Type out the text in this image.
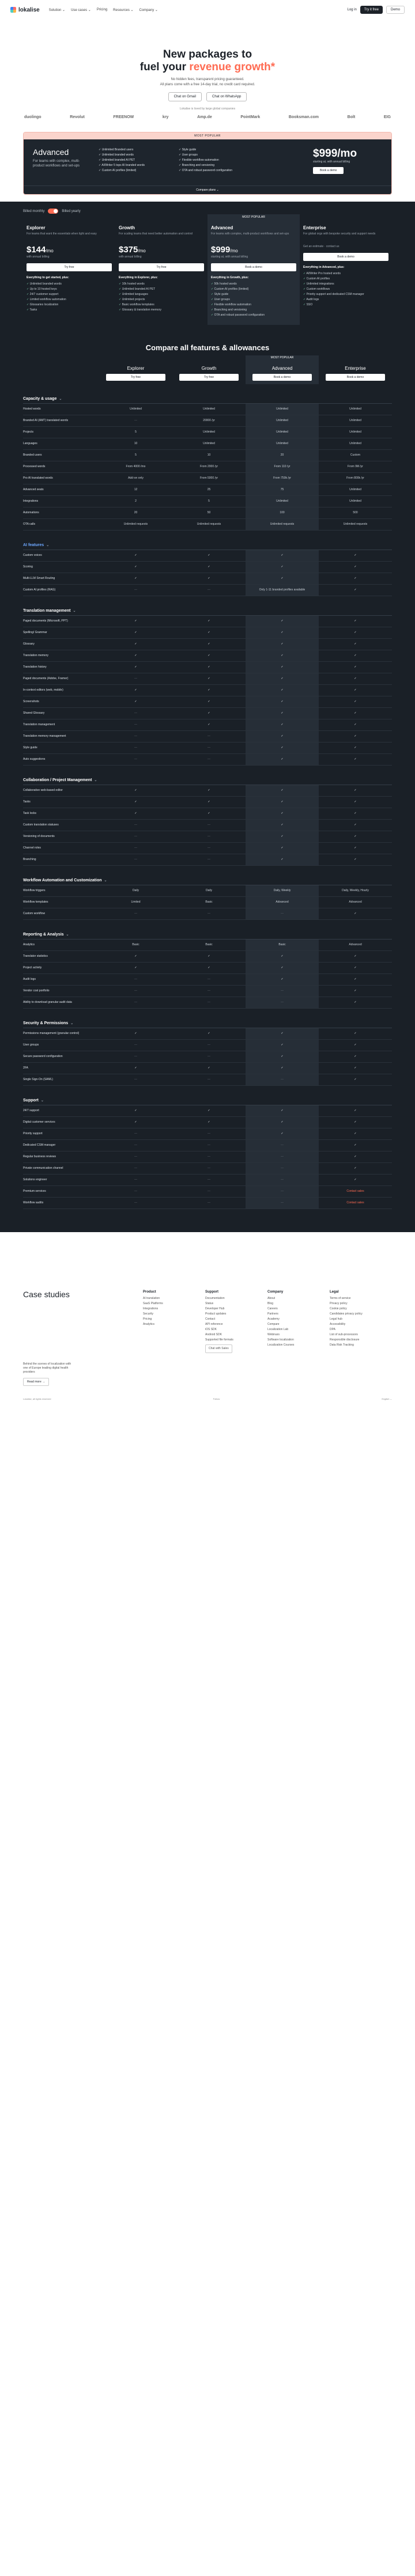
lokalise	Solution ⌄ Use cases ⌄ Pricing Resources ⌄ Company ⌄	Log in	Try it free	Demo
New packages to
fuel your revenue growth*

No hidden fees, transparent pricing guaranteed.
All plans come with a free 14-day trial, no credit card required.

Chat on Gmail	Chat on WhatsApp
Lokalise is loved by large global companies
duolingo	Revolut	FREENOW	kry	Amp.de	PointMark	Booksman.com	Bolt	EIG
MOST POPULAR
Advanced

For teams with complex, multi-product workflows and set-ups

✓ Unlimited Branded users
✓ Unlimited branded words
✓ Unlimited branded AI PET
✓ AI/Writer 5 tops AI branded words
✓ Custom AI profiles (limited)
✓ Style guide
✓ User groups
✓ Flexible workflow automation
✓ Branching and versioning
✓ OTA and robust password configuration
$999/mo
starting at, with annual billing
Book a demo
Compare plans ⌄
Billed monthly	Billed yearly
Explorer
For teams that want the essentials when light and easy
$144/mo
with annual billing
Try free
Everything to get started, plus:
✓ Unlimited branded words
✓ Up to 10 hosted keys
✓ 24/7 customer support
✓ Limited workflow automation
✓ Glossaries localization
✓ Tasks
Growth
For scaling teams that need better automation and control
$375/mo
with annual billing
Try free
Everything in Explorer, plus:
✓ 10k hosted words
✓ Unlimited branded AI PET
✓ Unlimited languages
✓ Unlimited projects
✓ Basic workflow templates
✓ Glossary & translation memory
MOST POPULAR
Advanced
For teams with complex, multi-product workflows and set-ups
$999/mo
starting at, with annual billing
Book a demo
Everything in Growth, plus:
✓ 50k hosted words
✓ Custom AI profiles (limited)
✓ Style guide
✓ User groups
✓ Flexible workflow automation
✓ Branching and versioning
✓ OTA and robust password configuration
Enterprise
For global orgs with bespoke security and support needs
Get an estimate · contact us
Book a demo
Everything in Advanced, plus:
✓ AI/Writer Pro hosted words
✓ Custom AI profiles
✓ Unlimited integrations
✓ Custom workflows
✓ Priority support and dedicated CSM manager
✓ Audit logs
✓ SSO
Compare all features & allowances
Explorer
Try free
Growth
Try free
MOST POPULAR
Advanced
Book a demo
Enterprise
Book a demo
Capacity & usage ⌄
Hosted words	Unlimited	Unlimited	Unlimited	Unlimited
Branded AI (AMT) translated words	—	20000 /yr	Unlimited	Unlimited
Projects	5	Unlimited	Unlimited	Unlimited
Languages	10	Unlimited	Unlimited	Unlimited
Branded users	5	10	20	Custom
Processed words	From 4000 /mo	From 2000 /yr	From 110 /yr	From 9M /yr
Pro AI translated words	Add-on only	From 5000 /yr	From 750k /yr	From 800k /yr
Advanced seats	12	25	75	Unlimited
Integrations	2	5	Unlimited	Unlimited
Automations	20	50	100	500
OTA calls	Unlimited requests	Unlimited requests	Unlimited requests	Unlimited requests
AI features ⌄
Custom voices	✓	✓	✓	✓
Scoring	✓	✓	✓	✓
Multi-LLM Smart Routing	✓	✓	✓	✓
Custom AI profiles (RAG)	—	—	Only 1-11 branded profiles available	✓
Translation management ⌄
Paged documents (Microsoft, PPT)	✓	✓	✓	✓
Spelling/ Grammar	✓	✓	✓	✓
Glossary	✓	✓	✓	✓
Translation memory	✓	✓	✓	✓
Translation history	✓	✓	✓	✓
Paged documents (Adobe, Framer)	—	✓	✓	✓
In-context editors (web, mobile)	✓	✓	✓	✓
Screenshots	✓	✓	✓	✓
Shared Glossary	—	✓	✓	✓
Translation management	—	✓	✓	✓
Translation memory management	—	—	✓	✓
Style guide	—	—	✓	✓
Auto suggestions	—	—	✓	✓
Collaboration / Project Management ⌄
Collaborative web-based editor	✓	✓	✓	✓
Tasks	✓	✓	✓	✓
Task locks	✓	✓	✓	✓
Custom translation statuses	—	—	✓	✓
Versioning of documents	—	—	✓	✓
Channel roles	—	—	✓	✓
Branching	—	—	✓	✓
Workflow Automation and Customization ⌄
Workflow triggers	Daily	Daily	Daily, Weekly	Daily, Weekly, Hourly
Workflow templates	Limited	Basic	Advanced	Advanced
Custom workflow	—	—	—	✓
Reporting & Analysis ⌄
Analytics	Basic	Basic	Basic	Advanced
Translator statistics	✓	✓	✓	✓
Project activity	✓	✓	✓	✓
Audit logs	—	—	✓	✓
Vendor cost portfolio	—	—	—	✓
Ability to download granular audit data	—	—	—	✓
Security & Permissions ⌄
Permissions management (granular control)	✓	✓	✓	✓
User groups	—	—	✓	✓
Secure password configuration	—	—	✓	✓
2FA	✓	✓	✓	✓
Single Sign-On (SAML)	—	—	—	✓
Support ⌄
24/7 support	✓	✓	✓	✓
Digital customer services	✓	✓	✓	✓
Priority support	—	—	✓	✓
Dedicated CSM manager	—	—	—	✓
Regular business reviews	—	—	—	✓
Private communication channel	—	—	—	✓
Solutions engineer	—	—	—	✓
Premium services	—	—	—	Contact sales
Workflow audits	—	—	—	Contact sales
Case studies

Behind the scenes of localization with one of Europe leading digital health providers

Read more →
Product
AI translation
SaaS Platforms
Integrations
Security
Pricing
Analytics
Support
Documentation
Status
Developer Hub
Product updates
Contact
API reference
iOS SDK
Android SDK
Supported file formats
Chat with Sales
Company
About
Blog
Careers
Partners
Academy
Compare
Localization Lab
Webinars
Software localization
Localization Courses
Legal
Terms of service
Privacy policy
Cookie policy
Candidates privacy policy
Legal hub
Accessibility
DPA
List of sub-processors
Responsible disclosure
Data Risk Tracking
Lokalise, all rights reserved	Follow	English ⌄
